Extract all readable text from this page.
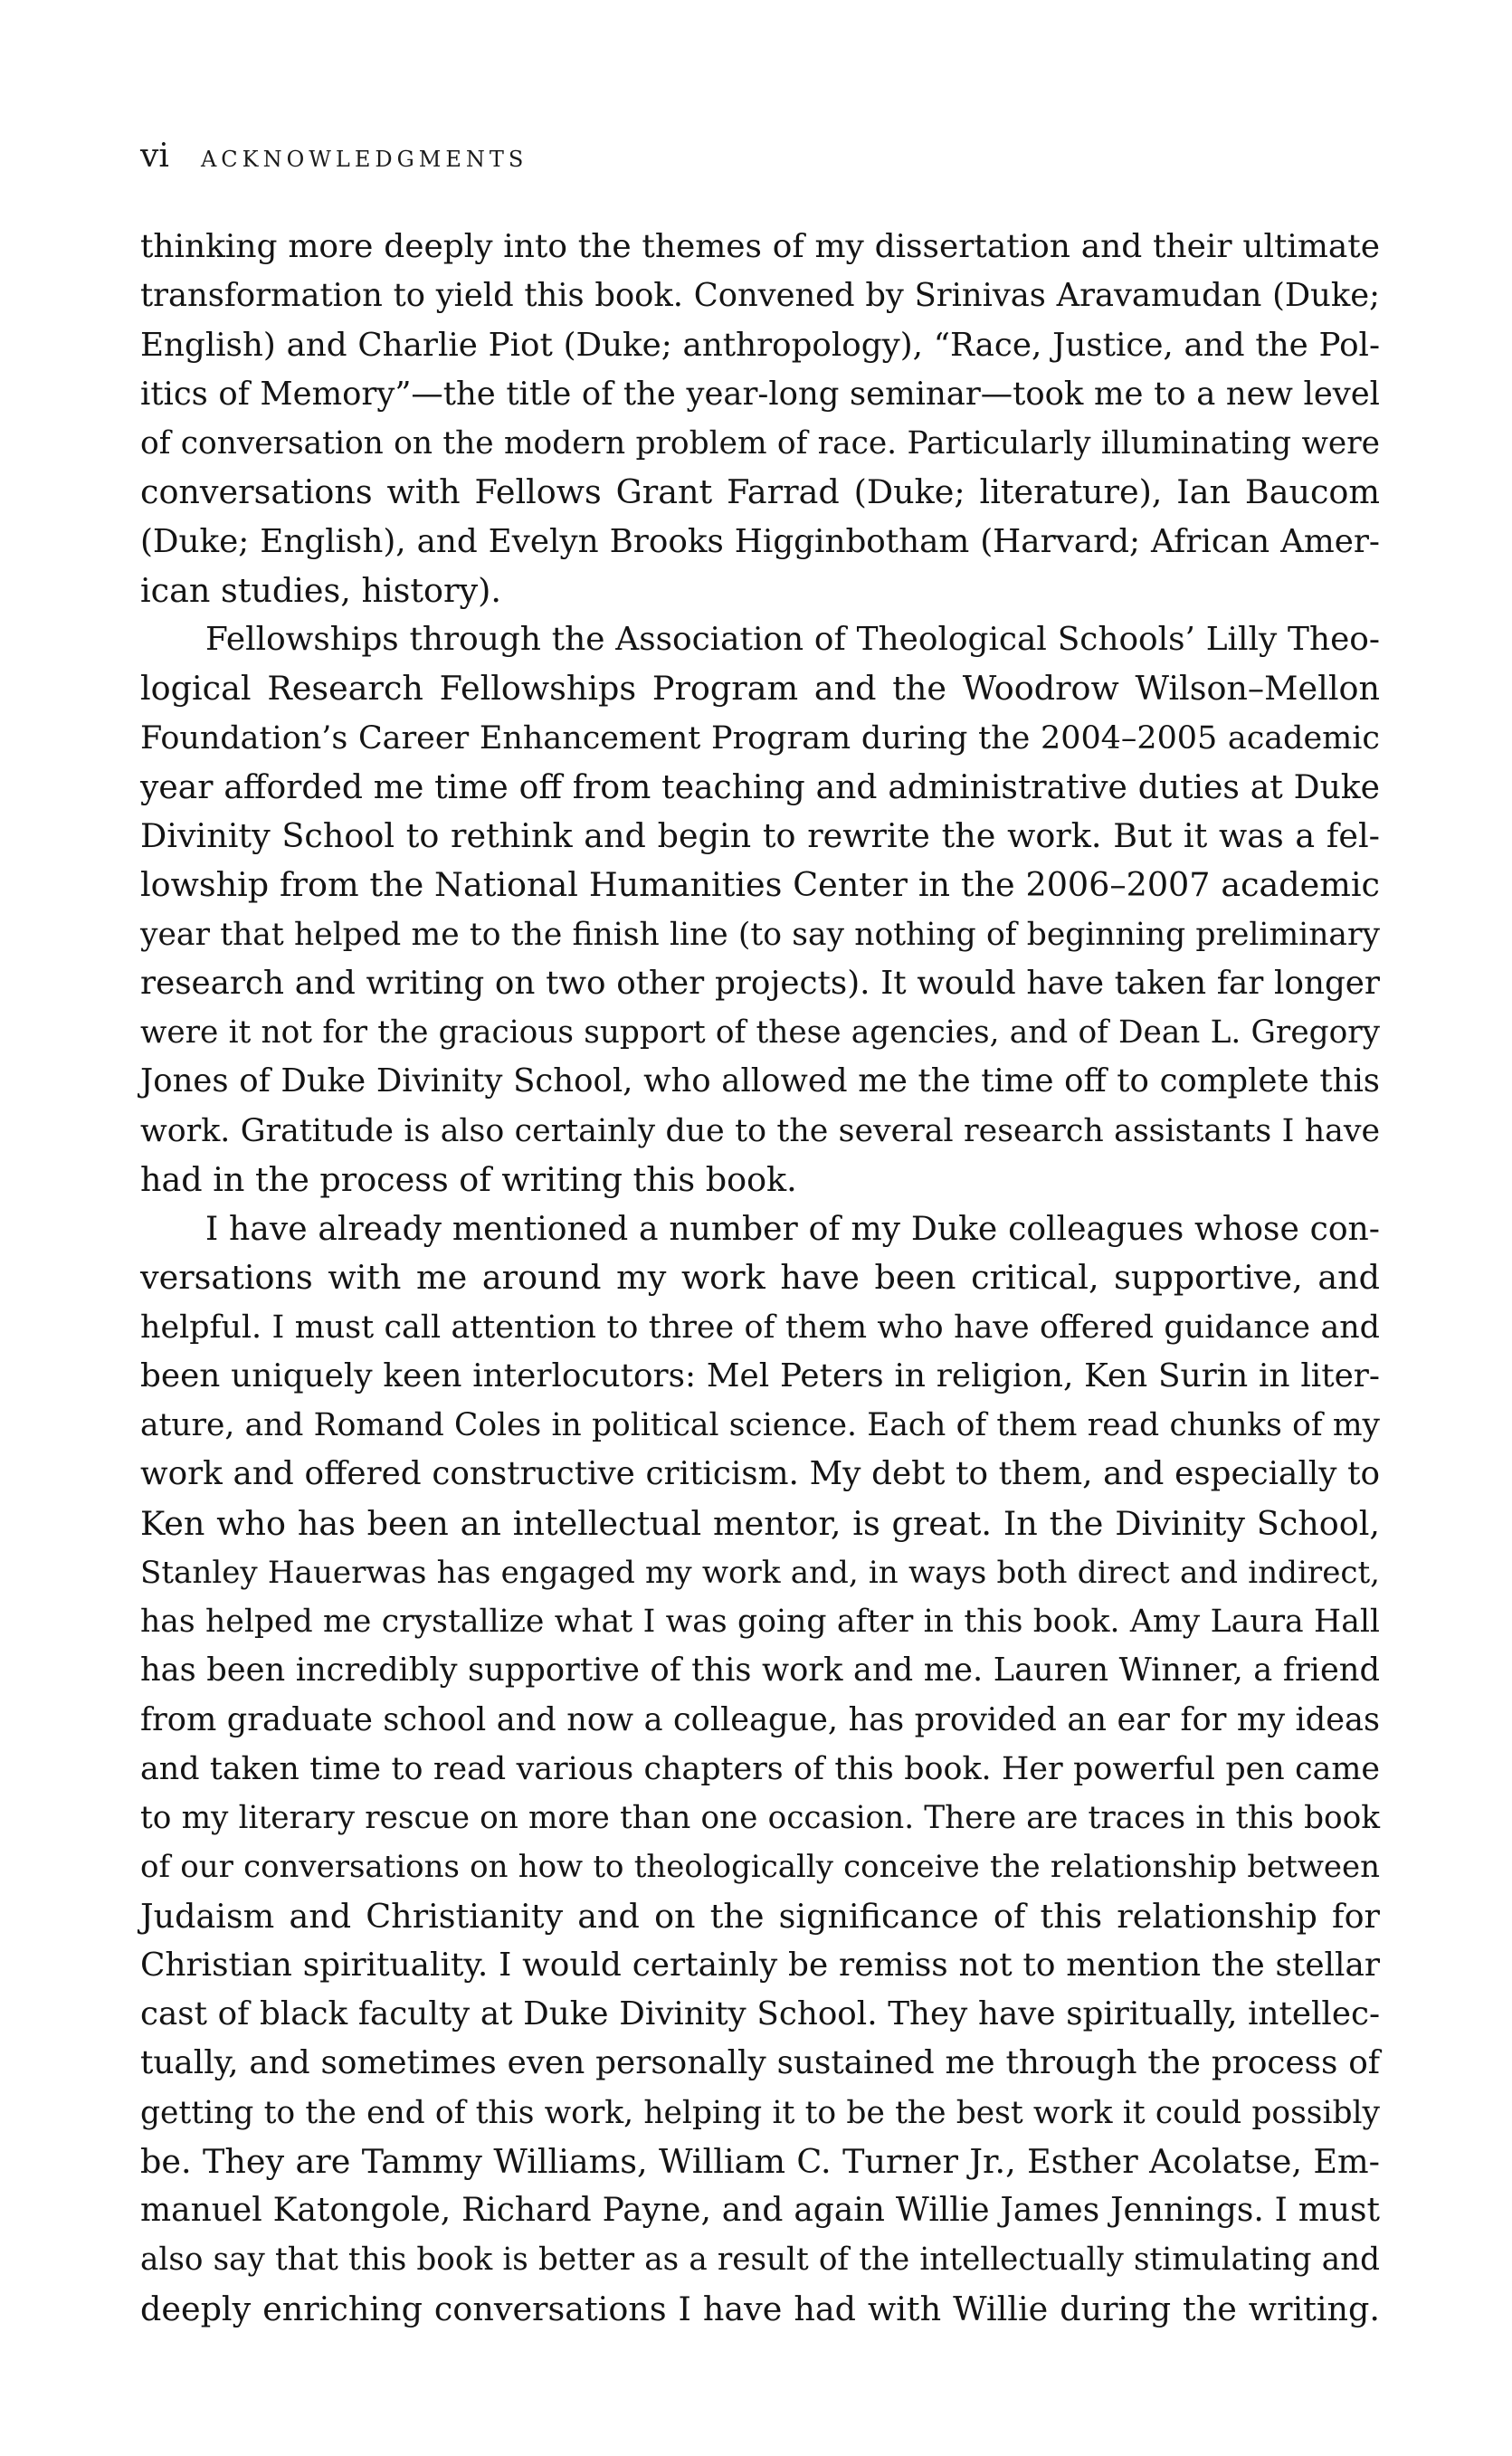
vi ACKNOWLEDGMENTS
thinking more deeply into the themes of my dissertation and their ultimate
transformation to yield this book. Convened by Srinivas Aravamudan (Duke;
English) and Charlie Piot (Duke; anthropology), “Race, Justice, and the Pol-
itics of Memory”—the title of the year-long seminar—took me to a new level
of conversation on the modern problem of race. Particularly illuminating were
conversations with Fellows Grant Farrad (Duke; literature), Ian Baucom
(Duke; English), and Evelyn Brooks Higginbotham (Harvard; African Amer-
ican studies, history).
Fellowships through the Association of Theological Schools’ Lilly Theo-
logical Research Fellowships Program and the Woodrow Wilson–Mellon
Foundation’s Career Enhancement Program during the 2004–2005 academic
year afforded me time off from teaching and administrative duties at Duke
Divinity School to rethink and begin to rewrite the work. But it was a fel-
lowship from the National Humanities Center in the 2006–2007 academic
year that helped me to the finish line (to say nothing of beginning preliminary
research and writing on two other projects). It would have taken far longer
were it not for the gracious support of these agencies, and of Dean L. Gregory
Jones of Duke Divinity School, who allowed me the time off to complete this
work. Gratitude is also certainly due to the several research assistants I have
had in the process of writing this book.
I have already mentioned a number of my Duke colleagues whose con-
versations with me around my work have been critical, supportive, and
helpful. I must call attention to three of them who have offered guidance and
been uniquely keen interlocutors: Mel Peters in religion, Ken Surin in liter-
ature, and Romand Coles in political science. Each of them read chunks of my
work and offered constructive criticism. My debt to them, and especially to
Ken who has been an intellectual mentor, is great. In the Divinity School,
Stanley Hauerwas has engaged my work and, in ways both direct and indirect,
has helped me crystallize what I was going after in this book. Amy Laura Hall
has been incredibly supportive of this work and me. Lauren Winner, a friend
from graduate school and now a colleague, has provided an ear for my ideas
and taken time to read various chapters of this book. Her powerful pen came
to my literary rescue on more than one occasion. There are traces in this book
of our conversations on how to theologically conceive the relationship between
Judaism and Christianity and on the significance of this relationship for
Christian spirituality. I would certainly be remiss not to mention the stellar
cast of black faculty at Duke Divinity School. They have spiritually, intellec-
tually, and sometimes even personally sustained me through the process of
getting to the end of this work, helping it to be the best work it could possibly
be. They are Tammy Williams, William C. Turner Jr., Esther Acolatse, Em-
manuel Katongole, Richard Payne, and again Willie James Jennings. I must
also say that this book is better as a result of the intellectually stimulating and
deeply enriching conversations I have had with Willie during the writing.
